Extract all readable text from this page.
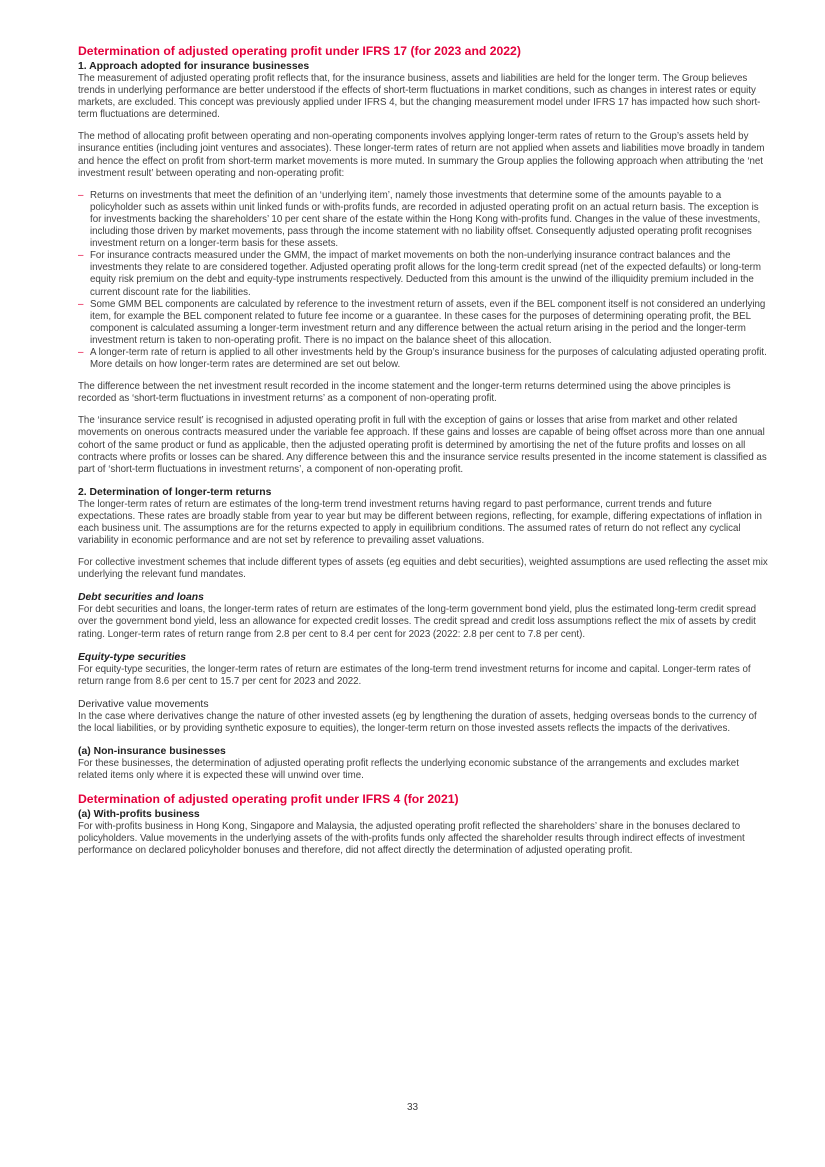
Determination of adjusted operating profit under IFRS 17 (for 2023 and 2022)
1. Approach adopted for insurance businesses

The measurement of adjusted operating profit reflects that, for the insurance business, assets and liabilities are held for the longer term. The Group believes trends in underlying performance are better understood if the effects of short-term fluctuations in market conditions, such as changes in interest rates or equity markets, are excluded. This concept was previously applied under IFRS 4, but the changing measurement model under IFRS 17 has impacted how such short-term fluctuations are determined.

The method of allocating profit between operating and non-operating components involves applying longer-term rates of return to the Group’s assets held by insurance entities (including joint ventures and associates). These longer-term rates of return are not applied when assets and liabilities move broadly in tandem and hence the effect on profit from short-term market movements is more muted. In summary the Group applies the following approach when attributing the ‘net investment result’ between operating and non-operating profit:

– Returns on investments that meet the definition of an ‘underlying item’, namely those investments that determine some of the amounts payable to a policyholder such as assets within unit linked funds or with-profits funds, are recorded in adjusted operating profit on an actual return basis. The exception is for investments backing the shareholders’ 10 per cent share of the estate within the Hong Kong with-profits fund. Changes in the value of these investments, including those driven by market movements, pass through the income statement with no liability offset. Consequently adjusted operating profit recognises investment return on a longer-term basis for these assets.
– For insurance contracts measured under the GMM, the impact of market movements on both the non-underlying insurance contract balances and the investments they relate to are considered together. Adjusted operating profit allows for the long-term credit spread (net of the expected defaults) or long-term equity risk premium on the debt and equity-type instruments respectively. Deducted from this amount is the unwind of the illiquidity premium included in the current discount rate for the liabilities.
– Some GMM BEL components are calculated by reference to the investment return of assets, even if the BEL component itself is not considered an underlying item, for example the BEL component related to future fee income or a guarantee. In these cases for the purposes of determining operating profit, the BEL component is calculated assuming a longer-term investment return and any difference between the actual return arising in the period and the longer-term investment return is taken to non-operating profit. There is no impact on the balance sheet of this allocation.
– A longer-term rate of return is applied to all other investments held by the Group’s insurance business for the purposes of calculating adjusted operating profit. More details on how longer-term rates are determined are set out below.

The difference between the net investment result recorded in the income statement and the longer-term returns determined using the above principles is recorded as ‘short-term fluctuations in investment returns’ as a component of non-operating profit.

The ‘insurance service result’ is recognised in adjusted operating profit in full with the exception of gains or losses that arise from market and other related movements on onerous contracts measured under the variable fee approach. If these gains and losses are capable of being offset across more than one annual cohort of the same product or fund as applicable, then the adjusted operating profit is determined by amortising the net of the future profits and losses on all contracts where profits or losses can be shared. Any difference between this and the insurance service results presented in the income statement is classified as part of ‘short-term fluctuations in investment returns’, a component of non-operating profit.

2. Determination of longer-term returns

The longer-term rates of return are estimates of the long-term trend investment returns having regard to past performance, current trends and future expectations. These rates are broadly stable from year to year but may be different between regions, reflecting, for example, differing expectations of inflation in each business unit. The assumptions are for the returns expected to apply in equilibrium conditions. The assumed rates of return do not reflect any cyclical variability in economic performance and are not set by reference to prevailing asset valuations.

For collective investment schemes that include different types of assets (eg equities and debt securities), weighted assumptions are used reflecting the asset mix underlying the relevant fund mandates.

Debt securities and loans

For debt securities and loans, the longer-term rates of return are estimates of the long-term government bond yield, plus the estimated long-term credit spread over the government bond yield, less an allowance for expected credit losses. The credit spread and credit loss assumptions reflect the mix of assets by credit rating. Longer-term rates of return range from 2.8 per cent to 8.4 per cent for 2023 (2022: 2.8 per cent to 7.8 per cent).

Equity-type securities

For equity-type securities, the longer-term rates of return are estimates of the long-term trend investment returns for income and capital. Longer-term rates of return range from 8.6 per cent to 15.7 per cent for 2023 and 2022.

Derivative value movements

In the case where derivatives change the nature of other invested assets (eg by lengthening the duration of assets, hedging overseas bonds to the currency of the local liabilities, or by providing synthetic exposure to equities), the longer-term return on those invested assets reflects the impacts of the derivatives.

(a) Non-insurance businesses

For these businesses, the determination of adjusted operating profit reflects the underlying economic substance of the arrangements and excludes market related items only where it is expected these will unwind over time.

Determination of adjusted operating profit under IFRS 4 (for 2021)
(a) With-profits business

For with-profits business in Hong Kong, Singapore and Malaysia, the adjusted operating profit reflected the shareholders’ share in the bonuses declared to policyholders. Value movements in the underlying assets of the with-profits funds only affected the shareholder results through indirect effects of investment performance on declared policyholder bonuses and therefore, did not affect directly the determination of adjusted operating profit.

33
